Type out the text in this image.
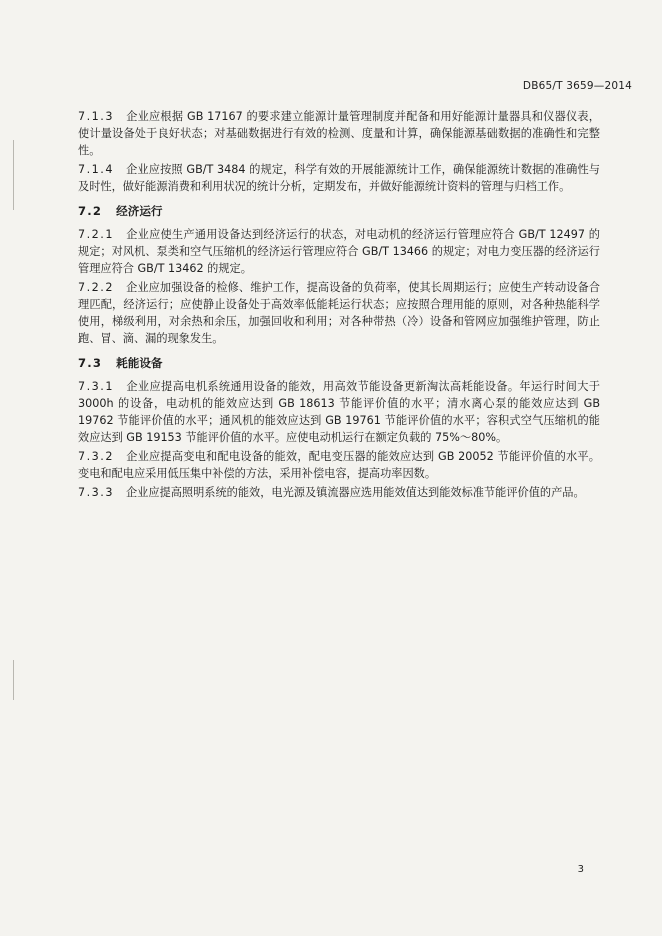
DB65/T 3659—2014

7.1.3 企业应根据 GB 17167 的要求建立能源计量管理制度并配备和用好能源计量器具和仪器仪表，使计量设备处于良好状态；对基础数据进行有效的检测、度量和计算，确保能源基础数据的准确性和完整性。

7.1.4 企业应按照 GB/T 3484 的规定，科学有效的开展能源统计工作，确保能源统计数据的准确性与及时性，做好能源消费和利用状况的统计分析，定期发布，并做好能源统计资料的管理与归档工作。

7.2 经济运行

7.2.1 企业应使生产通用设备达到经济运行的状态，对电动机的经济运行管理应符合 GB/T 12497 的规定；对风机、泵类和空气压缩机的经济运行管理应符合 GB/T 13466 的规定；对电力变压器的经济运行管理应符合 GB/T 13462 的规定。

7.2.2 企业应加强设备的检修、维护工作，提高设备的负荷率，使其长周期运行；应使生产转动设备合理匹配，经济运行；应使静止设备处于高效率低能耗运行状态；应按照合理用能的原则，对各种热能科学使用，梯级利用，对余热和余压，加强回收和利用；对各种带热（冷）设备和管网应加强维护管理，防止跑、冒、滴、漏的现象发生。

7.3 耗能设备

7.3.1 企业应提高电机系统通用设备的能效，用高效节能设备更新淘汰高耗能设备。年运行时间大于 3000h 的设备，电动机的能效应达到 GB 18613 节能评价值的水平；清水离心泵的能效应达到 GB 19762 节能评价值的水平；通风机的能效应达到 GB 19761 节能评价值的水平；容积式空气压缩机的能效应达到 GB 19153 节能评价值的水平。应使电动机运行在额定负载的 75%～80%。

7.3.2 企业应提高变电和配电设备的能效，配电变压器的能效应达到 GB 20052 节能评价值的水平。变电和配电应采用低压集中补偿的方法，采用补偿电容，提高功率因数。

7.3.3 企业应提高照明系统的能效，电光源及镇流器应选用能效值达到能效标准节能评价值的产品。

3
